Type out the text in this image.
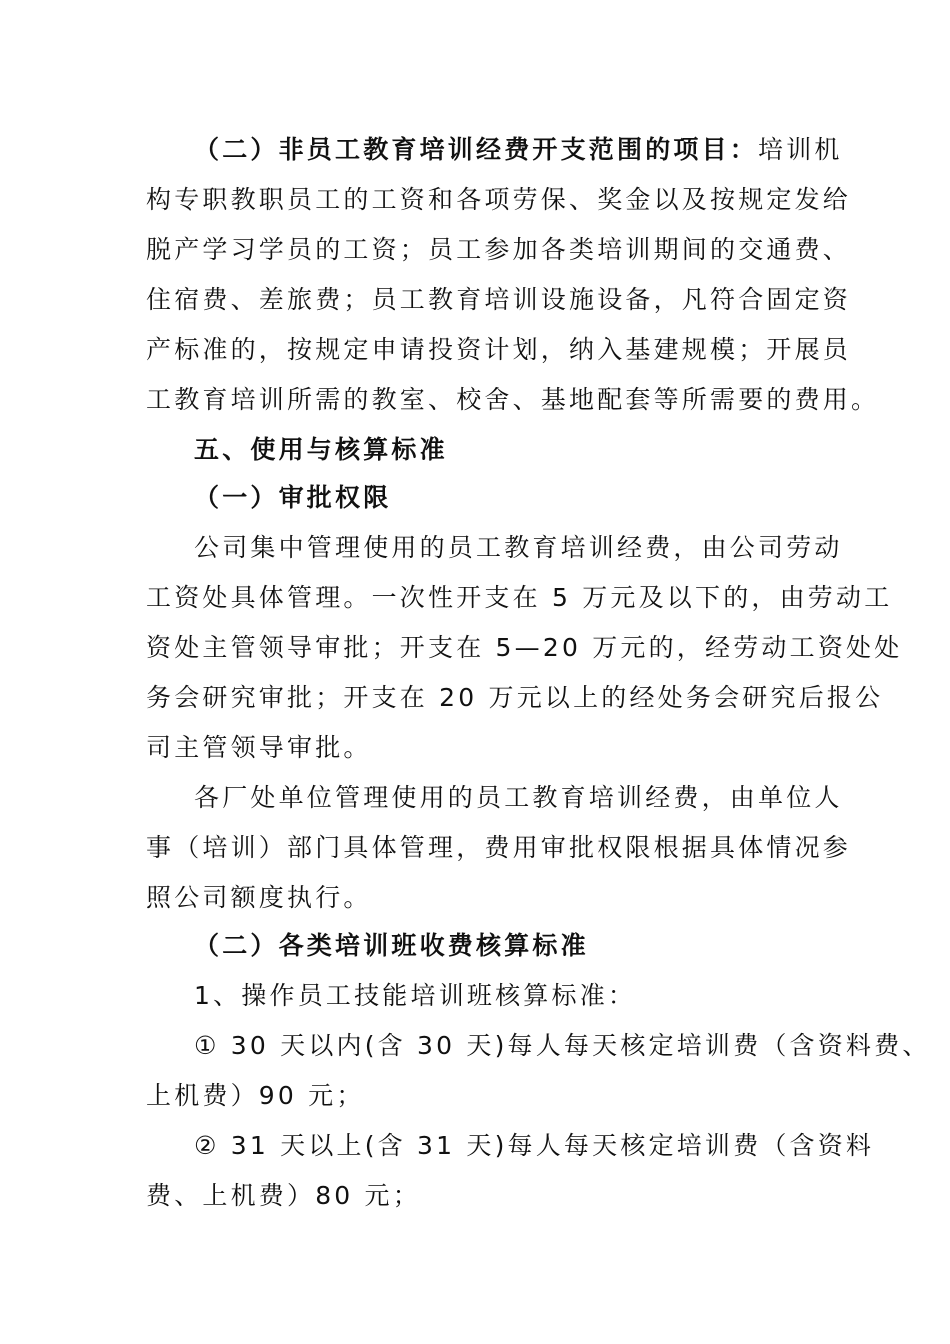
（二）非员工教育培训经费开支范围的项目：培训机
构专职教职员工的工资和各项劳保、奖金以及按规定发给
脱产学习学员的工资；员工参加各类培训期间的交通费、
住宿费、差旅费；员工教育培训设施设备，凡符合固定资
产标准的，按规定申请投资计划，纳入基建规模；开展员
工教育培训所需的教室、校舍、基地配套等所需要的费用。
五、使用与核算标准
（一）审批权限
公司集中管理使用的员工教育培训经费，由公司劳动
工资处具体管理。一次性开支在 5 万元及以下的，由劳动工
资处主管领导审批；开支在 5—20 万元的，经劳动工资处处
务会研究审批；开支在 20 万元以上的经处务会研究后报公
司主管领导审批。
各厂处单位管理使用的员工教育培训经费，由单位人
事（培训）部门具体管理，费用审批权限根据具体情况参
照公司额度执行。
（二）各类培训班收费核算标准
1、操作员工技能培训班核算标准：
① 30 天以内(含 30 天)每人每天核定培训费（含资料费、
上机费）90 元；
② 31 天以上(含 31 天)每人每天核定培训费（含资料
费、上机费）80 元；
